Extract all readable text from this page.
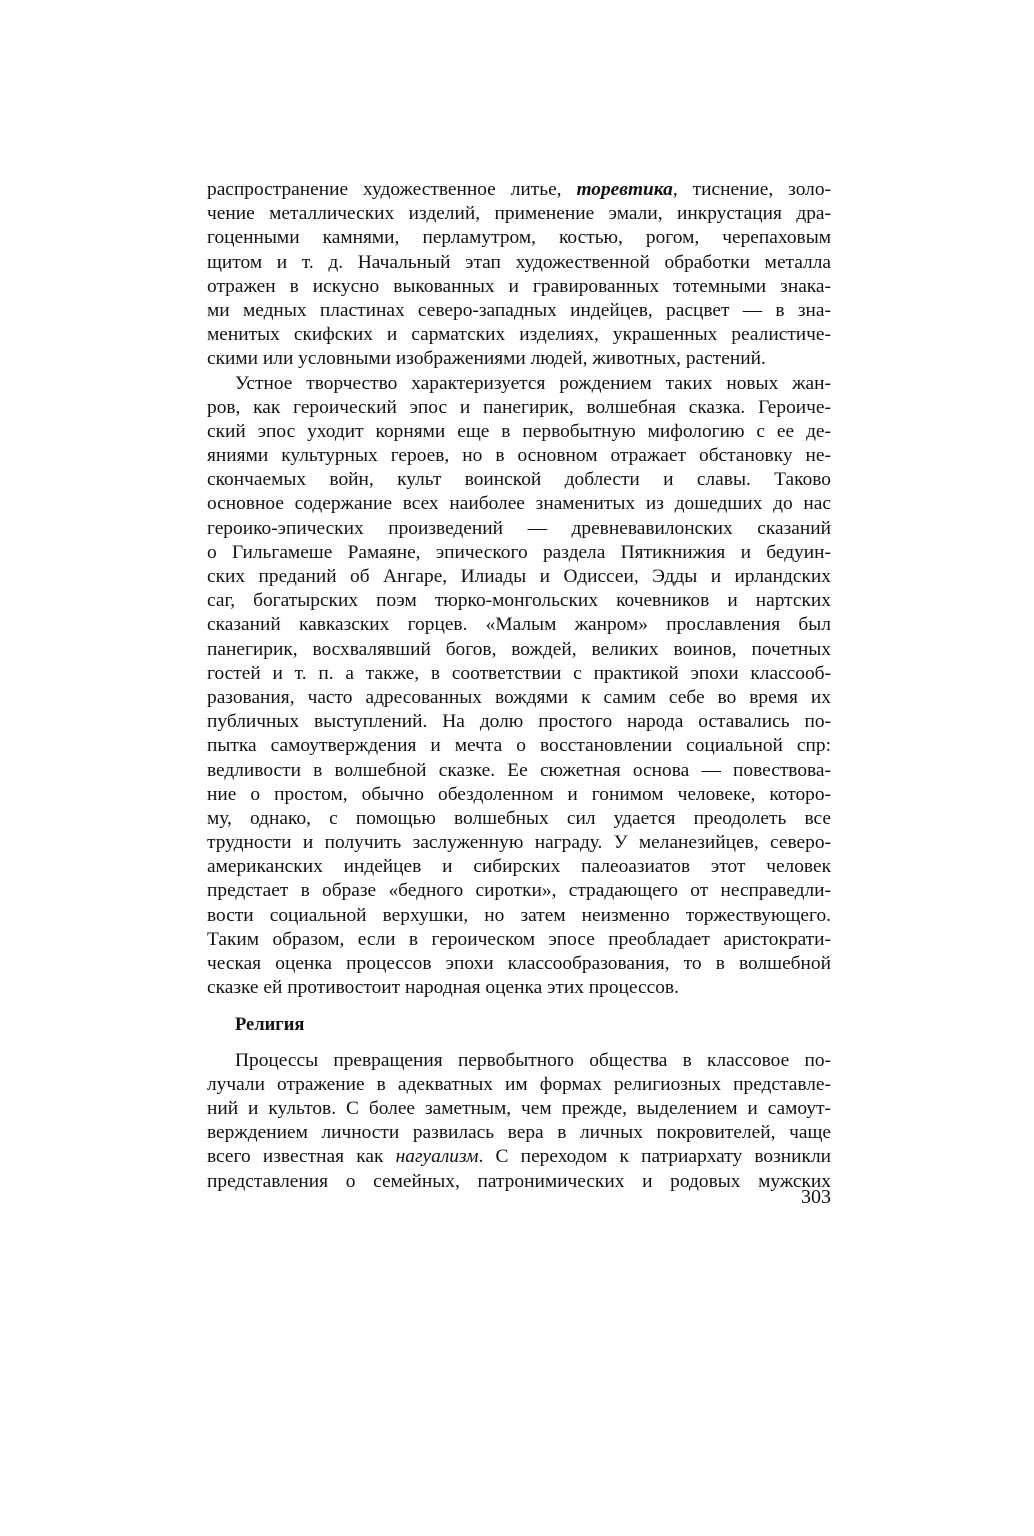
распространение художественное литье, торевтика, тиснение, золо-
чение металлических изделий, применение эмали, инкрустация дра-
гоценными камнями, перламутром, костью, рогом, черепаховым
щитом и т. д. Начальный этап художественной обработки металла
отражен в искусно выкованных и гравированных тотемными знака-
ми медных пластинах северо-западных индейцев, расцвет — в зна-
менитых скифских и сарматских изделиях, украшенных реалистиче-
скими или условными изображениями людей, животных, растений.
Устное творчество характеризуется рождением таких новых жан-
ров, как героический эпос и панегирик, волшебная сказка. Героиче-
ский эпос уходит корнями еще в первобытную мифологию с ее де-
яниями культурных героев, но в основном отражает обстановку не-
скончаемых войн, культ воинской доблести и славы. Таково
основное содержание всех наиболее знаменитых из дошедших до нас
героико-эпических произведений — древневавилонских сказаний
о Гильгамеше Рамаяне, эпического раздела Пятикнижия и бедуин-
ских преданий об Ангаре, Илиады и Одиссеи, Эдды и ирландских
саг, богатырских поэм тюрко-монгольских кочевников и нартских
сказаний кавказских горцев. «Малым жанром» прославления был
панегирик, восхвалявший богов, вождей, великих воинов, почетных
гостей и т. п. а также, в соответствии с практикой эпохи классооб-
разования, часто адресованных вождями к самим себе во время их
публичных выступлений. На долю простого народа оставались по-
пытка самоутверждения и мечта о восстановлении социальной спр:
ведливости в волшебной сказке. Ее сюжетная основа — повествова-
ние о простом, обычно обездоленном и гонимом человеке, которо-
му, однако, с помощью волшебных сил удается преодолеть все
трудности и получить заслуженную награду. У меланезийцев, северо-
американских индейцев и сибирских палеоазиатов этот человек
предстает в образе «бедного сиротки», страдающего от несправедли-
вости социальной верхушки, но затем неизменно торжествующего.
Таким образом, если в героическом эпосе преобладает аристократи-
ческая оценка процессов эпохи классообразования, то в волшебной
сказке ей противостоит народная оценка этих процессов.
Религия
Процессы превращения первобытного общества в классовое по-
лучали отражение в адекватных им формах религиозных представле-
ний и культов. С более заметным, чем прежде, выделением и самоут-
верждением личности развилась вера в личных покровителей, чаще
всего известная как нагуализм. С переходом к патриархату возникли
представления о семейных, патронимических и родовых мужских
303
